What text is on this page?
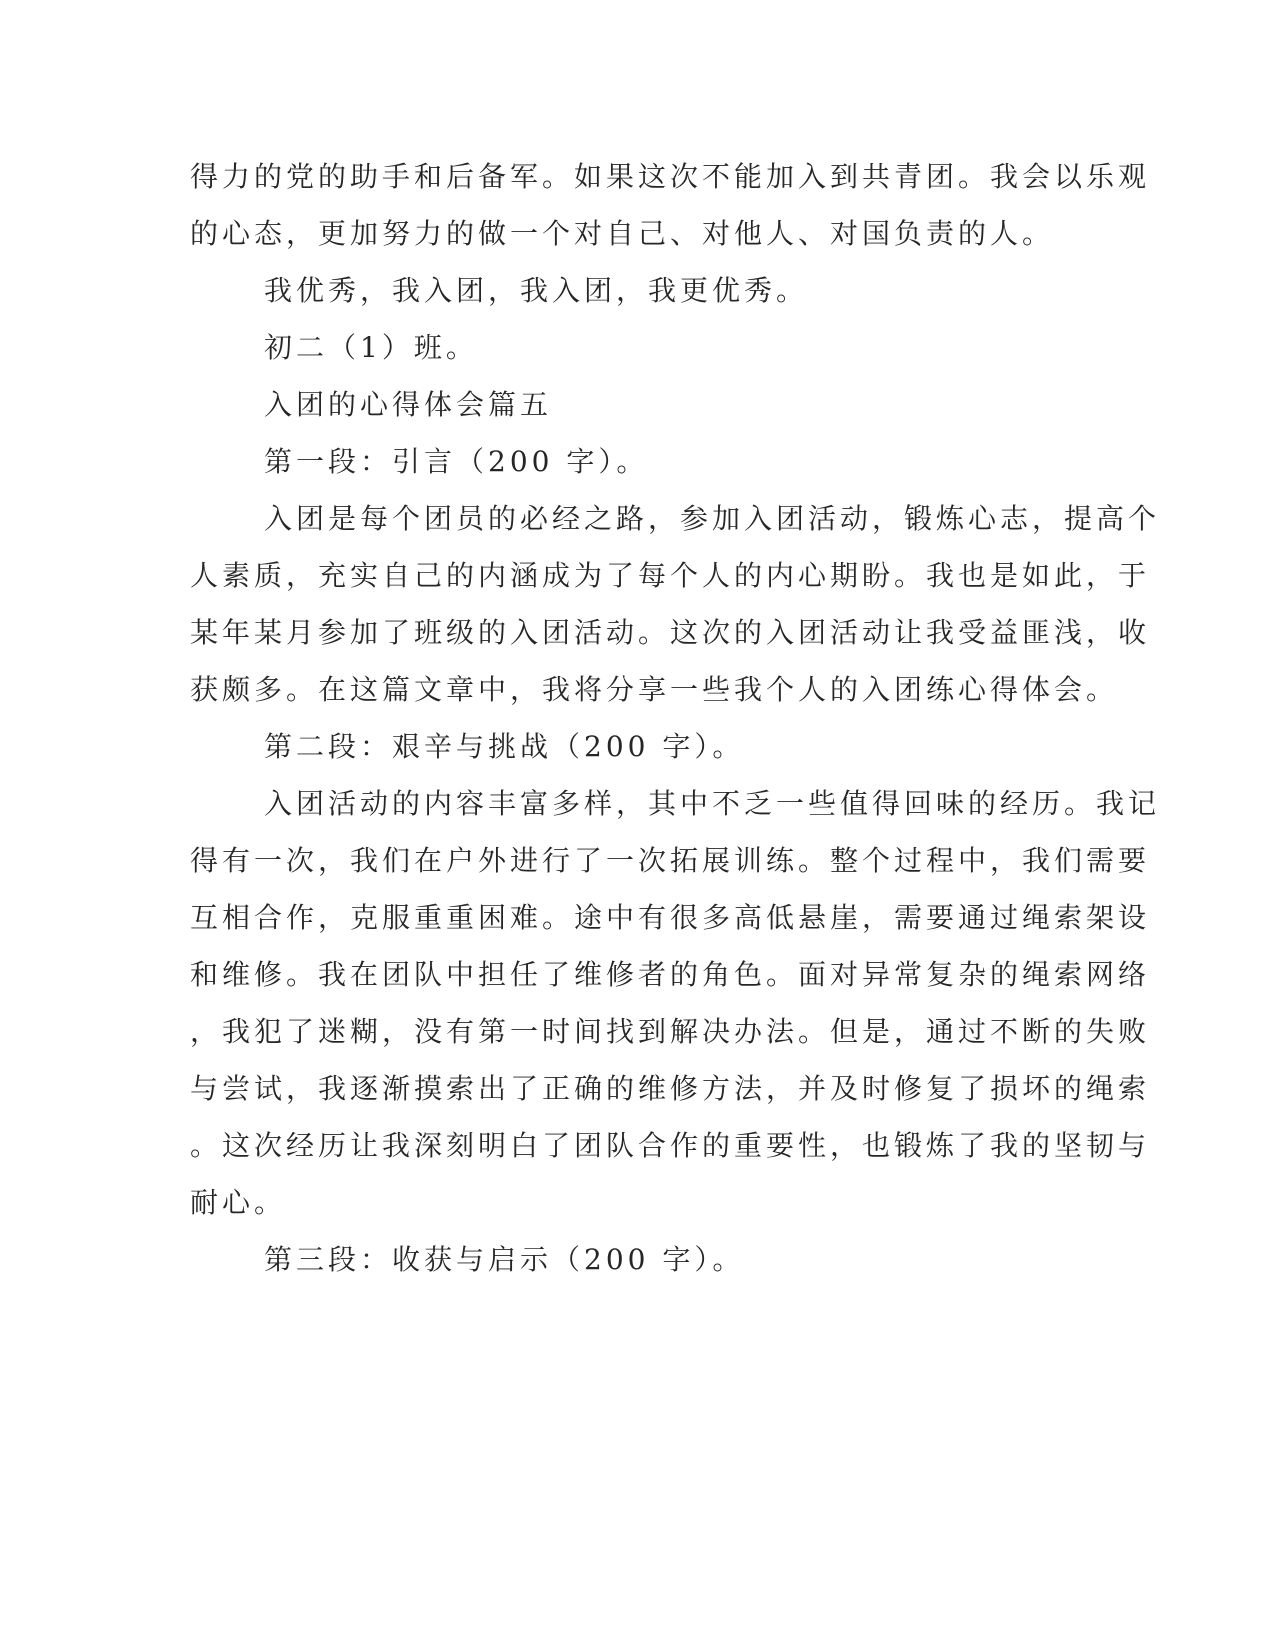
得力的党的助手和后备军。如果这次不能加入到共青团。我会以乐观
的心态，更加努力的做一个对自己、对他人、对国负责的人。
我优秀，我入团，我入团，我更优秀。
初二（1）班。
入团的心得体会篇五
第一段：引言（200 字）。
入团是每个团员的必经之路，参加入团活动，锻炼心志，提高个
人素质，充实自己的内涵成为了每个人的内心期盼。我也是如此，于
某年某月参加了班级的入团活动。这次的入团活动让我受益匪浅，收
获颇多。在这篇文章中，我将分享一些我个人的入团练心得体会。
第二段：艰辛与挑战（200 字）。
入团活动的内容丰富多样，其中不乏一些值得回味的经历。我记
得有一次，我们在户外进行了一次拓展训练。整个过程中，我们需要
互相合作，克服重重困难。途中有很多高低悬崖，需要通过绳索架设
和维修。我在团队中担任了维修者的角色。面对异常复杂的绳索网络
，我犯了迷糊，没有第一时间找到解决办法。但是，通过不断的失败
与尝试，我逐渐摸索出了正确的维修方法，并及时修复了损坏的绳索
。这次经历让我深刻明白了团队合作的重要性，也锻炼了我的坚韧与
耐心。
第三段：收获与启示（200 字）。
